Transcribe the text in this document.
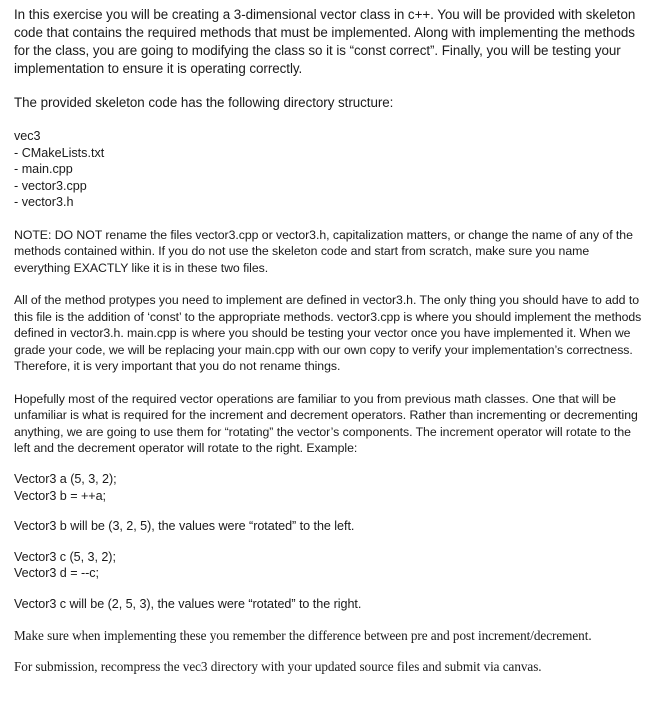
In this exercise you will be creating a 3-dimensional vector class in c++. You will be provided with skeleton code that contains the required methods that must be implemented. Along with implementing the methods for the class, you are going to modifying the class so it is “const correct”. Finally, you will be testing your implementation to ensure it is operating correctly.

The provided skeleton code has the following directory structure:

vec3

- CMakeLists.txt
- main.cpp
- vector3.cpp
- vector3.h

NOTE: DO NOT rename the files vector3.cpp or vector3.h, capitalization matters, or change the name of any of the methods contained within. If you do not use the skeleton code and start from scratch, make sure you name everything EXACTLY like it is in these two files.

All of the method protypes you need to implement are defined in vector3.h. The only thing you should have to add to this file is the addition of ‘const’ to the appropriate methods. vector3.cpp is where you should implement the methods defined in vector3.h. main.cpp is where you should be testing your vector once you have implemented it. When we grade your code, we will be replacing your main.cpp with our own copy to verify your implementation’s correctness. Therefore, it is very important that you do not rename things.

Hopefully most of the required vector operations are familiar to you from previous math classes. One that will be unfamiliar is what is required for the increment and decrement operators. Rather than incrementing or decrementing anything, we are going to use them for “rotating” the vector’s components. The increment operator will rotate to the left and the decrement operator will rotate to the right. Example:

Vector3 a (5, 3, 2);

Vector3 b = ++a;

Vector3 b will be (3, 2, 5), the values were “rotated” to the left.

Vector3 c (5, 3, 2);

Vector3 d = --c;

Vector3 c will be (2, 5, 3), the values were “rotated” to the right.

Make sure when implementing these you remember the difference between pre and post increment/decrement.

For submission, recompress the vec3 directory with your updated source files and submit via canvas.
